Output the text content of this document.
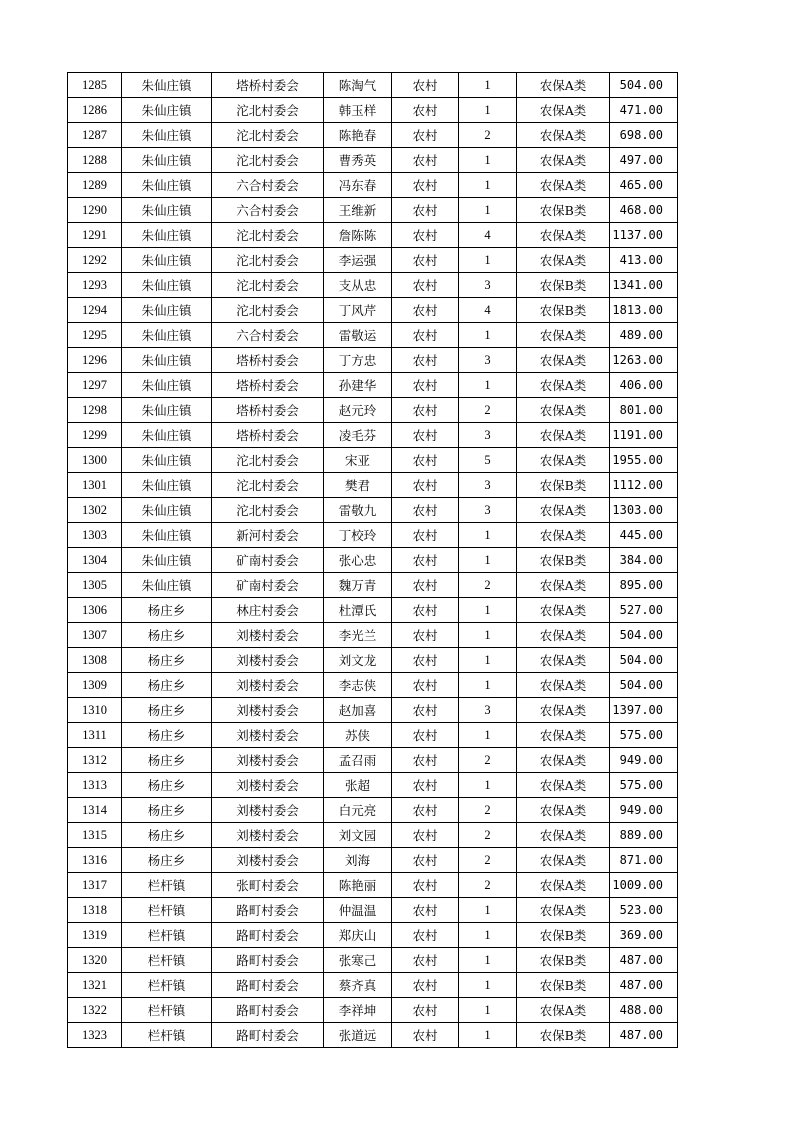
1285	朱仙庄镇	塔桥村委会	陈淘气	农村	1	农保A类	504.00
1286	朱仙庄镇	沱北村委会	韩玉样	农村	1	农保A类	471.00
1287	朱仙庄镇	沱北村委会	陈艳春	农村	2	农保A类	698.00
1288	朱仙庄镇	沱北村委会	曹秀英	农村	1	农保A类	497.00
1289	朱仙庄镇	六合村委会	冯东春	农村	1	农保A类	465.00
1290	朱仙庄镇	六合村委会	王维新	农村	1	农保B类	468.00
1291	朱仙庄镇	沱北村委会	詹陈陈	农村	4	农保A类	1137.00
1292	朱仙庄镇	沱北村委会	李运强	农村	1	农保A类	413.00
1293	朱仙庄镇	沱北村委会	支从忠	农村	3	农保B类	1341.00
1294	朱仙庄镇	沱北村委会	丁风芹	农村	4	农保B类	1813.00
1295	朱仙庄镇	六合村委会	雷敬运	农村	1	农保A类	489.00
1296	朱仙庄镇	塔桥村委会	丁方忠	农村	3	农保A类	1263.00
1297	朱仙庄镇	塔桥村委会	孙建华	农村	1	农保A类	406.00
1298	朱仙庄镇	塔桥村委会	赵元玲	农村	2	农保A类	801.00
1299	朱仙庄镇	塔桥村委会	凌毛芬	农村	3	农保A类	1191.00
1300	朱仙庄镇	沱北村委会	宋亚	农村	5	农保A类	1955.00
1301	朱仙庄镇	沱北村委会	樊君	农村	3	农保B类	1112.00
1302	朱仙庄镇	沱北村委会	雷敬九	农村	3	农保A类	1303.00
1303	朱仙庄镇	新河村委会	丁校玲	农村	1	农保A类	445.00
1304	朱仙庄镇	矿南村委会	张心忠	农村	1	农保B类	384.00
1305	朱仙庄镇	矿南村委会	魏万青	农村	2	农保A类	895.00
1306	杨庄乡	林庄村委会	杜潭氏	农村	1	农保A类	527.00
1307	杨庄乡	刘楼村委会	李光兰	农村	1	农保A类	504.00
1308	杨庄乡	刘楼村委会	刘文龙	农村	1	农保A类	504.00
1309	杨庄乡	刘楼村委会	李志侠	农村	1	农保A类	504.00
1310	杨庄乡	刘楼村委会	赵加喜	农村	3	农保A类	1397.00
1311	杨庄乡	刘楼村委会	苏侠	农村	1	农保A类	575.00
1312	杨庄乡	刘楼村委会	孟召雨	农村	2	农保A类	949.00
1313	杨庄乡	刘楼村委会	张超	农村	1	农保A类	575.00
1314	杨庄乡	刘楼村委会	白元亮	农村	2	农保A类	949.00
1315	杨庄乡	刘楼村委会	刘文园	农村	2	农保A类	889.00
1316	杨庄乡	刘楼村委会	刘海	农村	2	农保A类	871.00
1317	栏杆镇	张町村委会	陈艳丽	农村	2	农保A类	1009.00
1318	栏杆镇	路町村委会	仲温温	农村	1	农保A类	523.00
1319	栏杆镇	路町村委会	郑庆山	农村	1	农保B类	369.00
1320	栏杆镇	路町村委会	张寒己	农村	1	农保B类	487.00
1321	栏杆镇	路町村委会	蔡齐真	农村	1	农保B类	487.00
1322	栏杆镇	路町村委会	李祥坤	农村	1	农保A类	488.00
1323	栏杆镇	路町村委会	张道远	农村	1	农保B类	487.00
